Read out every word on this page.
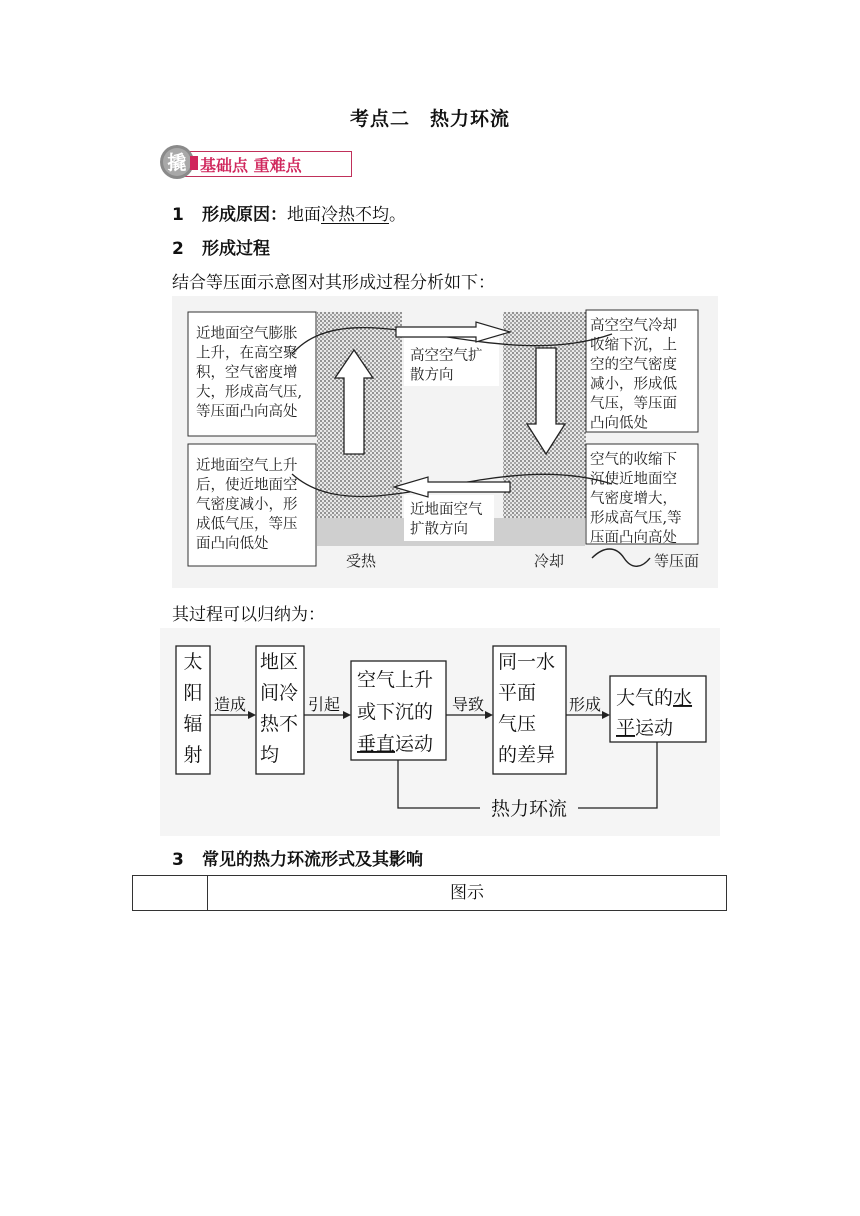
考点二　热力环流
撬 基础点 重难点
1 形成原因：地面冷热不均。
2 形成过程
结合等压面示意图对其形成过程分析如下：
近地面空气膨胀
上升，在高空聚
积，空气密度增
大，形成高气压,
等压面凸向高处
近地面空气上升
后，使近地面空
气密度减小，形
成低气压，等压
面凸向低处
高空空气扩
散方向
近地面空气
扩散方向
高空空气冷却
收缩下沉，上
空的空气密度
减小，形成低
气压，等压面
凸向低处
空气的收缩下
沉使近地面空
气密度增大，
形成高气压,等
压面凸向高处
受热	冷却	等压面
其过程可以归纳为：
太
阳
辐
射
地区
间冷
热不
均
空气上升
或下沉的
垂直运动
同一水
平面
气压
的差异
大气的水
平运动
造成	引起	导致	形成
热力环流
3 常见的热力环流形式及其影响
图示
